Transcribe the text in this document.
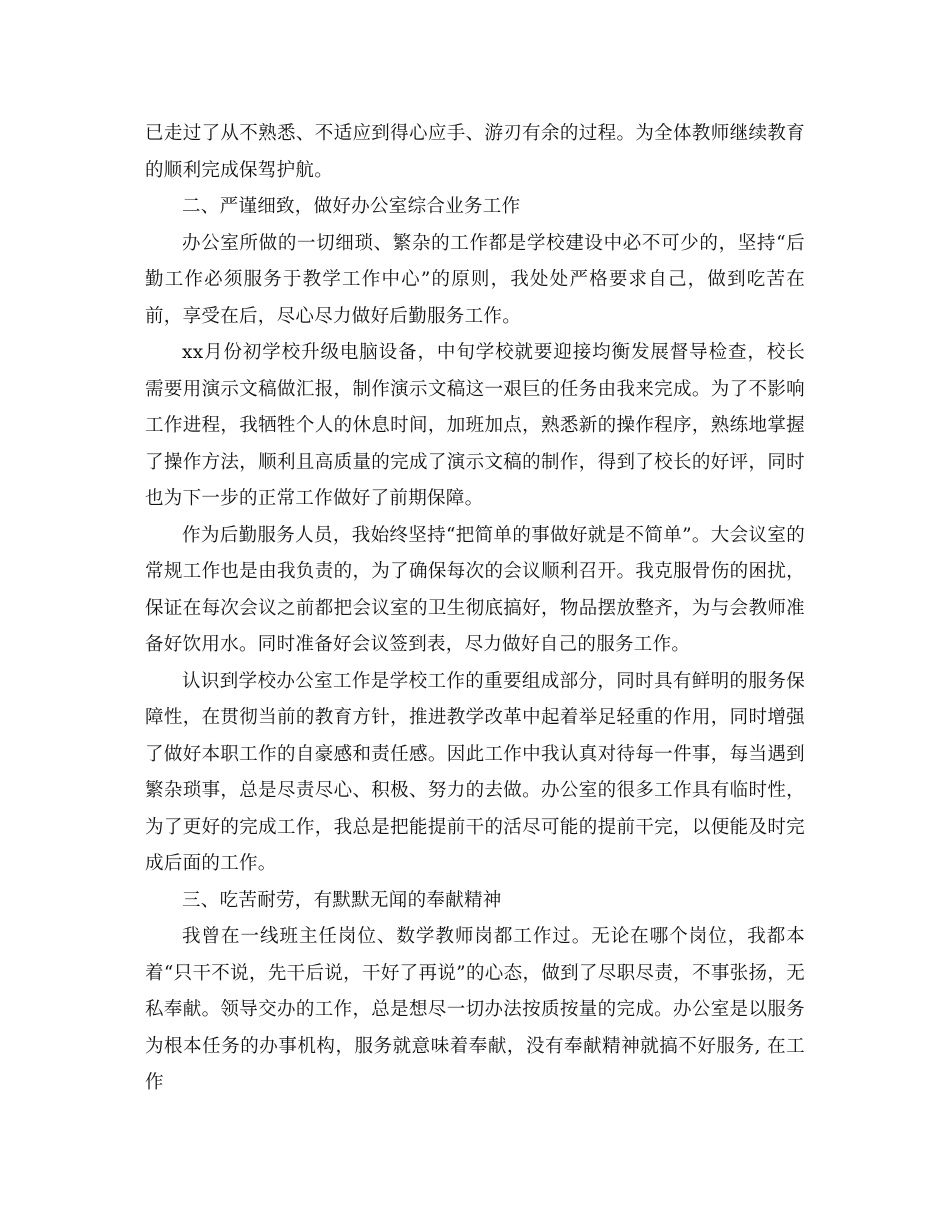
已走过了从不熟悉、不适应到得心应手、游刃有余的过程。为全体教师继续教育的顺利完成保驾护航。

二、严谨细致，做好办公室综合业务工作

办公室所做的一切细琐、繁杂的工作都是学校建设中必不可少的，坚持“后勤工作必须服务于教学工作中心”的原则，我处处严格要求自己，做到吃苦在前，享受在后，尽心尽力做好后勤服务工作。

xx月份初学校升级电脑设备，中旬学校就要迎接均衡发展督导检查，校长需要用演示文稿做汇报，制作演示文稿这一艰巨的任务由我来完成。为了不影响工作进程，我牺牲个人的休息时间，加班加点，熟悉新的操作程序，熟练地掌握了操作方法，顺利且高质量的完成了演示文稿的制作，得到了校长的好评，同时也为下一步的正常工作做好了前期保障。

作为后勤服务人员，我始终坚持“把简单的事做好就是不简单”。大会议室的常规工作也是由我负责的，为了确保每次的会议顺利召开。我克服骨伤的困扰，保证在每次会议之前都把会议室的卫生彻底搞好，物品摆放整齐，为与会教师准备好饮用水。同时准备好会议签到表，尽力做好自己的服务工作。

认识到学校办公室工作是学校工作的重要组成部分，同时具有鲜明的服务保障性，在贯彻当前的教育方针，推进教学改革中起着举足轻重的作用，同时增强了做好本职工作的自豪感和责任感。因此工作中我认真对待每一件事，每当遇到繁杂琐事，总是尽责尽心、积极、努力的去做。办公室的很多工作具有临时性，为了更好的完成工作，我总是把能提前干的活尽可能的提前干完，以便能及时完成后面的工作。

三、吃苦耐劳，有默默无闻的奉献精神

我曾在一线班主任岗位、数学教师岗都工作过。无论在哪个岗位，我都本着“只干不说，先干后说，干好了再说”的心态，做到了尽职尽责，不事张扬，无私奉献。领导交办的工作，总是想尽一切办法按质按量的完成。办公室是以服务为根本任务的办事机构，服务就意味着奉献，没有奉献精神就搞不好服务, 在工作
